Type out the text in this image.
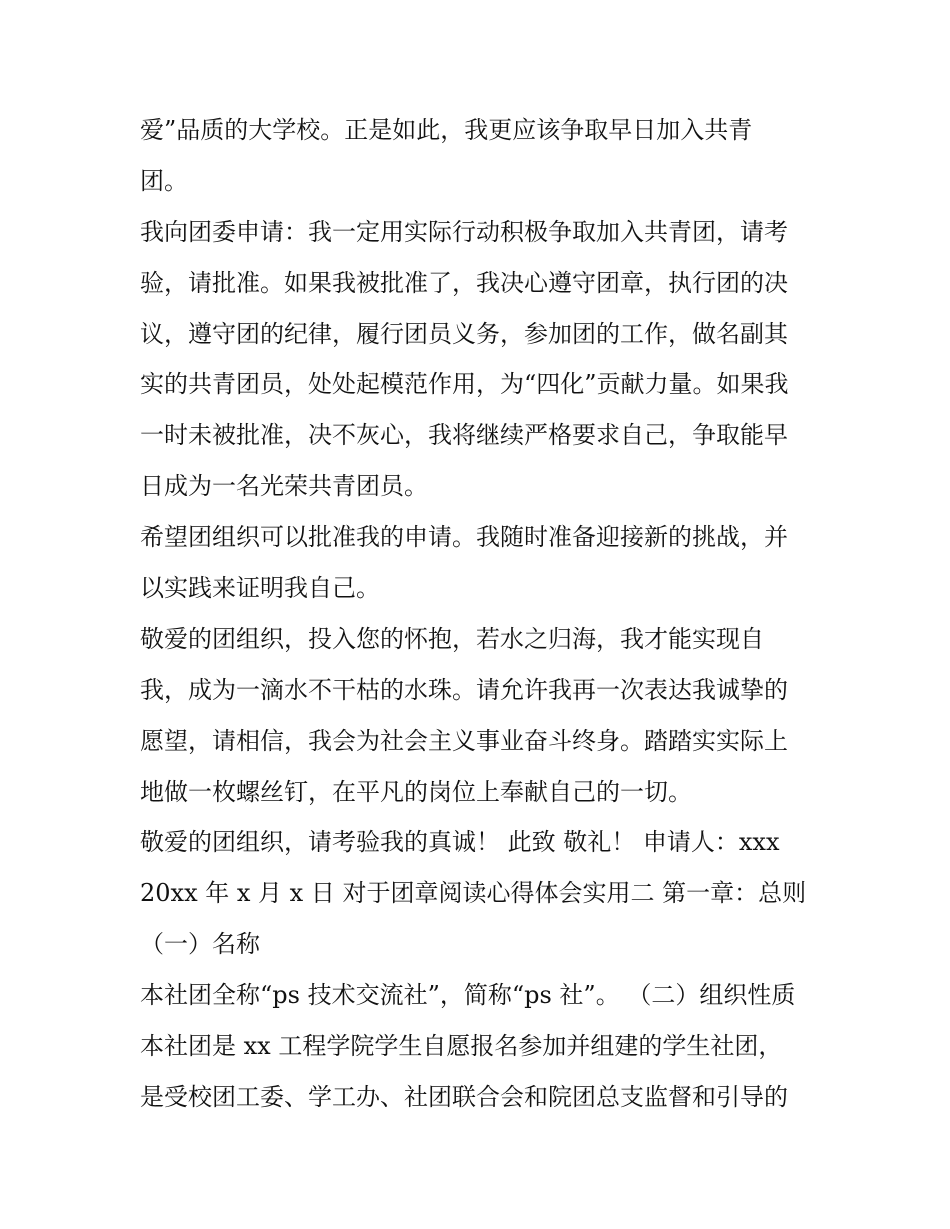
爱”品质的大学校。正是如此，我更应该争取早日加入共青
团。
我向团委申请：我一定用实际行动积极争取加入共青团，请考
验，请批准。如果我被批准了，我决心遵守团章，执行团的决
议，遵守团的纪律，履行团员义务，参加团的工作，做名副其
实的共青团员，处处起模范作用，为“四化”贡献力量。如果我
一时未被批准，决不灰心，我将继续严格要求自己，争取能早
日成为一名光荣共青团员。
希望团组织可以批准我的申请。我随时准备迎接新的挑战，并
以实践来证明我自己。
敬爱的团组织，投入您的怀抱，若水之归海，我才能实现自
我，成为一滴水不干枯的水珠。请允许我再一次表达我诚挚的
愿望，请相信，我会为社会主义事业奋斗终身。踏踏实实际上
地做一枚螺丝钉，在平凡的岗位上奉献自己的一切。
敬爱的团组织，请考验我的真诚！ 此致 敬礼！ 申请人：xxx
20xx 年 x 月 x 日 对于团章阅读心得体会实用二 第一章：总则
（一）名称
本社团全称“ps 技术交流社”，简称“ps 社”。 （二）组织性质
本社团是 xx 工程学院学生自愿报名参加并组建的学生社团，
是受校团工委、学工办、社团联合会和院团总支监督和引导的
